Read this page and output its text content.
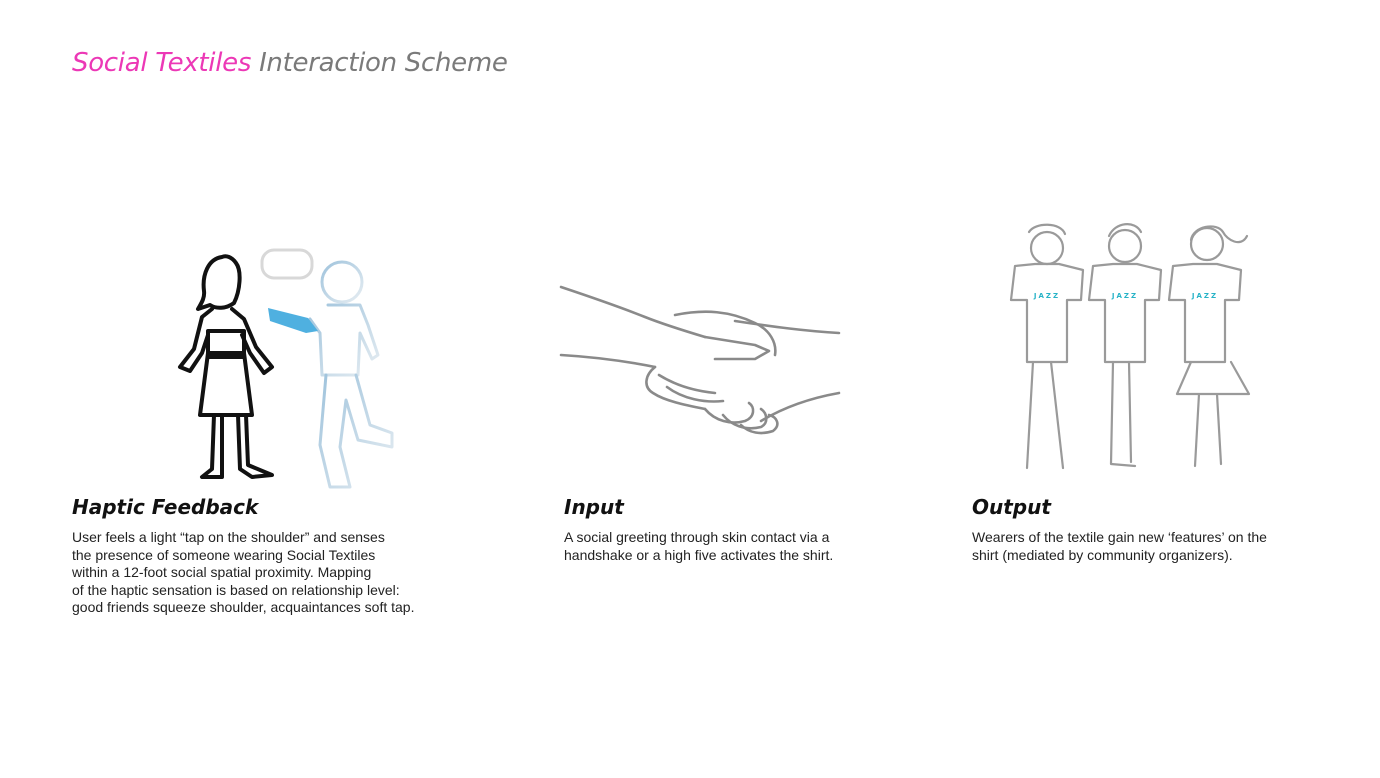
Social Textiles Interaction Scheme
JAZZ	JAZZ	JAZZ
Haptic Feedback

User feels a light “tap on the shoulder” and senses
the presence of someone wearing Social Textiles
within a 12-foot social spatial proximity. Mapping
of the haptic sensation is based on relationship level:
good friends squeeze shoulder, acquaintances soft tap.

Input

A social greeting through skin contact via a
handshake or a high five activates the shirt.

Output

Wearers of the textile gain new ‘features’ on the
shirt (mediated by community organizers).
